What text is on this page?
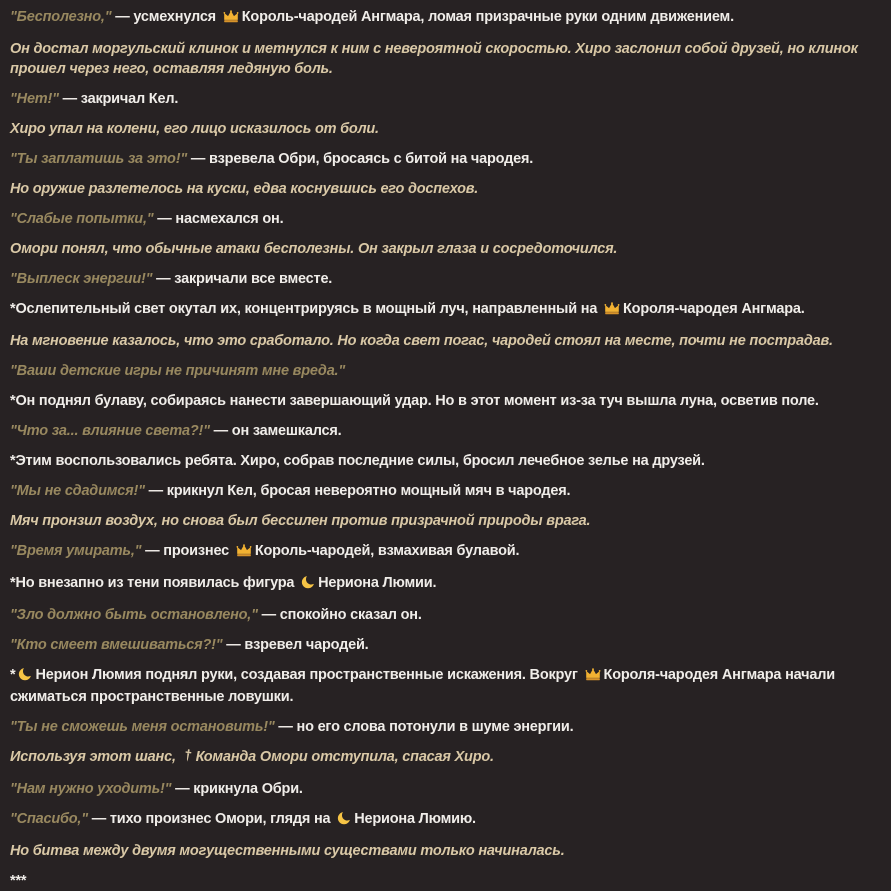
"Бесполезно," — усмехнулся Король-чародей Ангмара, ломая призрачные руки одним движением.

Он достал моргульский клинок и метнулся к ним с невероятной скоростью. Хиро заслонил собой друзей, но клинок прошел через него, оставляя ледяную боль.

"Нет!" — закричал Кел.

Хиро упал на колени, его лицо исказилось от боли.

"Ты заплатишь за это!" — взревела Обри, бросаясь с битой на чародея.

Но оружие разлетелось на куски, едва коснувшись его доспехов.

"Слабые попытки," — насмехался он.

Омори понял, что обычные атаки бесполезны. Он закрыл глаза и сосредоточился.

"Выплеск энергии!" — закричали все вместе.

*Ослепительный свет окутал их, концентрируясь в мощный луч, направленный на Короля-чародея Ангмара.

На мгновение казалось, что это сработало. Но когда свет погас, чародей стоял на месте, почти не пострадав.

"Ваши детские игры не причинят мне вреда."

*Он поднял булаву, собираясь нанести завершающий удар. Но в этот момент из-за туч вышла луна, осветив поле.

"Что за... влияние света?!" — он замешкался.

*Этим воспользовались ребята. Хиро, собрав последние силы, бросил лечебное зелье на друзей.

"Мы не сдадимся!" — крикнул Кел, бросая невероятно мощный мяч в чародея.

Мяч пронзил воздух, но снова был бессилен против призрачной природы врага.

"Время умирать," — произнес Король-чародей, взмахивая булавой.

*Но внезапно из тени появилась фигура Нериона Люмии.

"Зло должно быть остановлено," — спокойно сказал он.

"Кто смеет вмешиваться?!" — взревел чародей.

* Нерион Люмия поднял руки, создавая пространственные искажения. Вокруг Короля-чародея Ангмара начали сжиматься пространственные ловушки.

"Ты не сможешь меня остановить!" — но его слова потонули в шуме энергии.

Используя этот шанс, Команда Омори отступила, спасая Хиро.

"Нам нужно уходить!" — крикнула Обри.

"Спасибо," — тихо произнес Омори, глядя на Нериона Люмию.

Но битва между двумя могущественными существами только начиналась.

***
